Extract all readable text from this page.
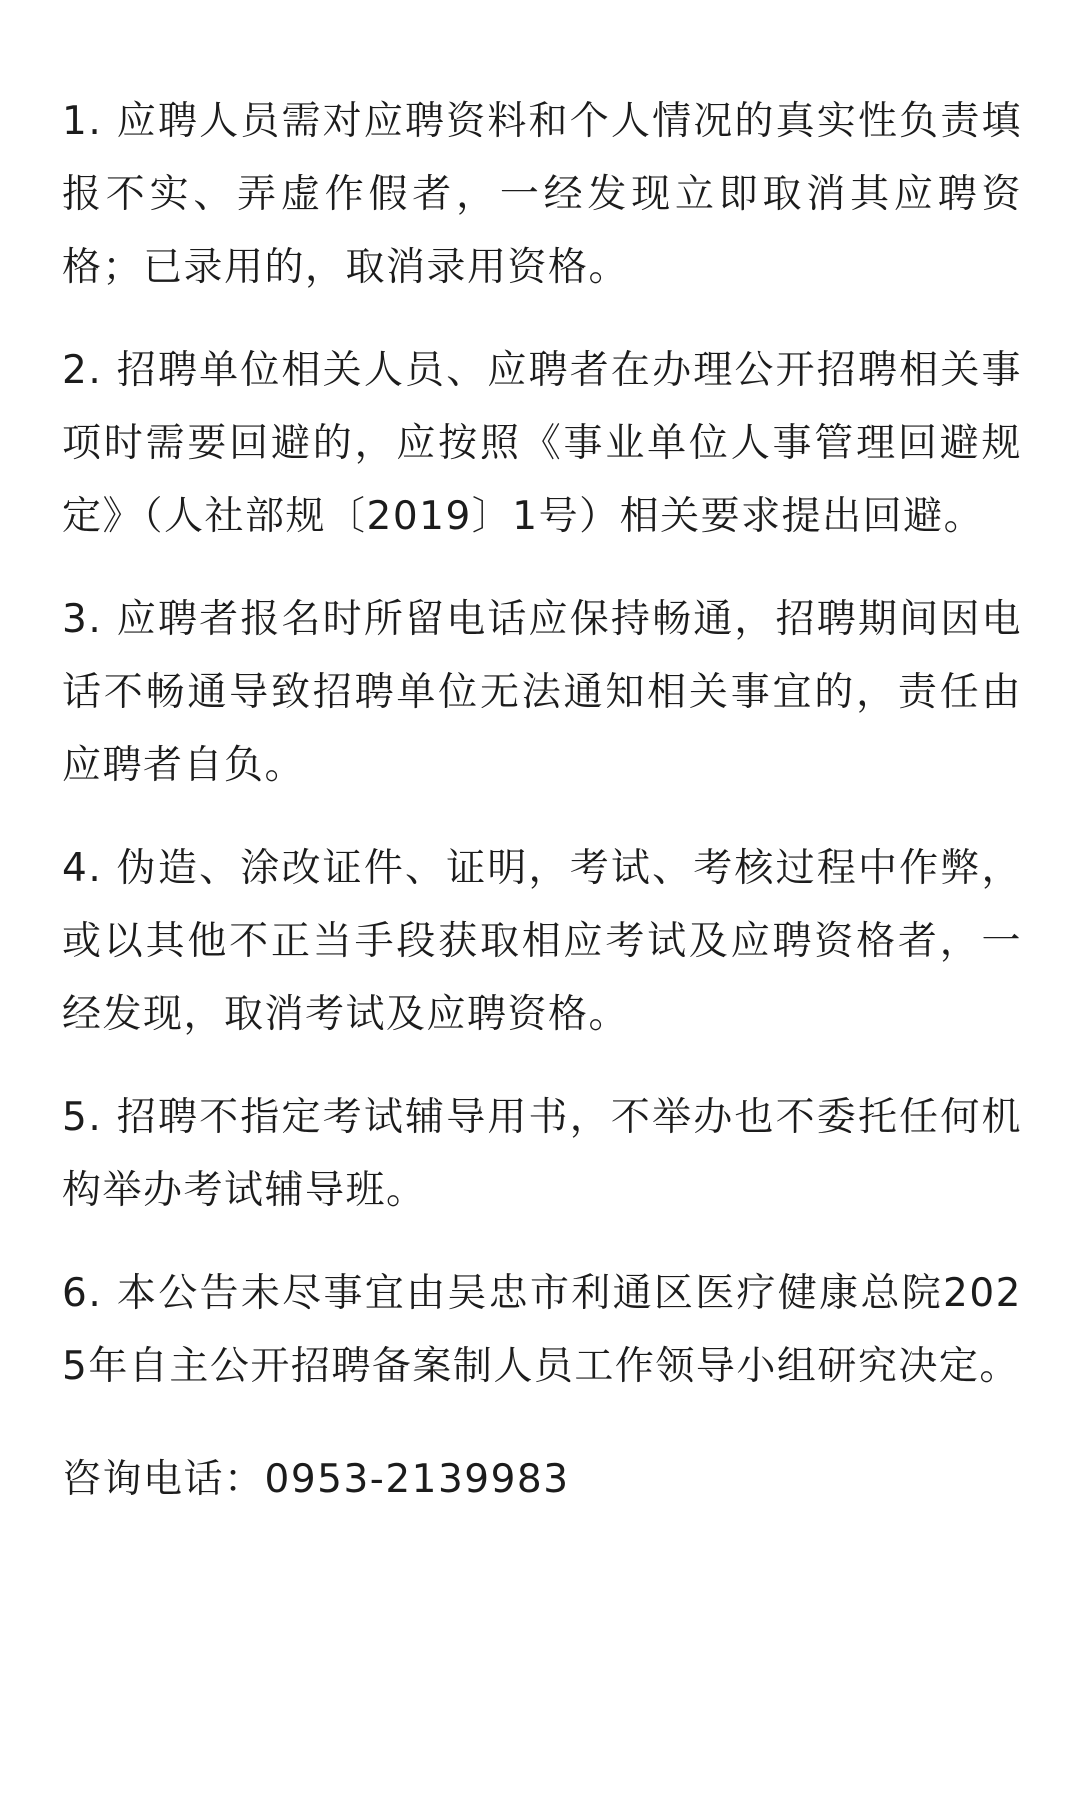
1. 应聘人员需对应聘资料和个人情况的真实性负责填报不实、弄虚作假者，一经发现立即取消其应聘资格；已录用的，取消录用资格。

2. 招聘单位相关人员、应聘者在办理公开招聘相关事项时需要回避的，应按照《事业单位人事管理回避规定》（人社部规〔2019〕1号）相关要求提出回避。

3. 应聘者报名时所留电话应保持畅通，招聘期间因电话不畅通导致招聘单位无法通知相关事宜的，责任由应聘者自负。

4. 伪造、涂改证件、证明，考试、考核过程中作弊，或以其他不正当手段获取相应考试及应聘资格者，一经发现，取消考试及应聘资格。

5. 招聘不指定考试辅导用书，不举办也不委托任何机构举办考试辅导班。

6. 本公告未尽事宜由吴忠市利通区医疗健康总院2025年自主公开招聘备案制人员工作领导小组研究决定。

咨询电话：0953-2139983
